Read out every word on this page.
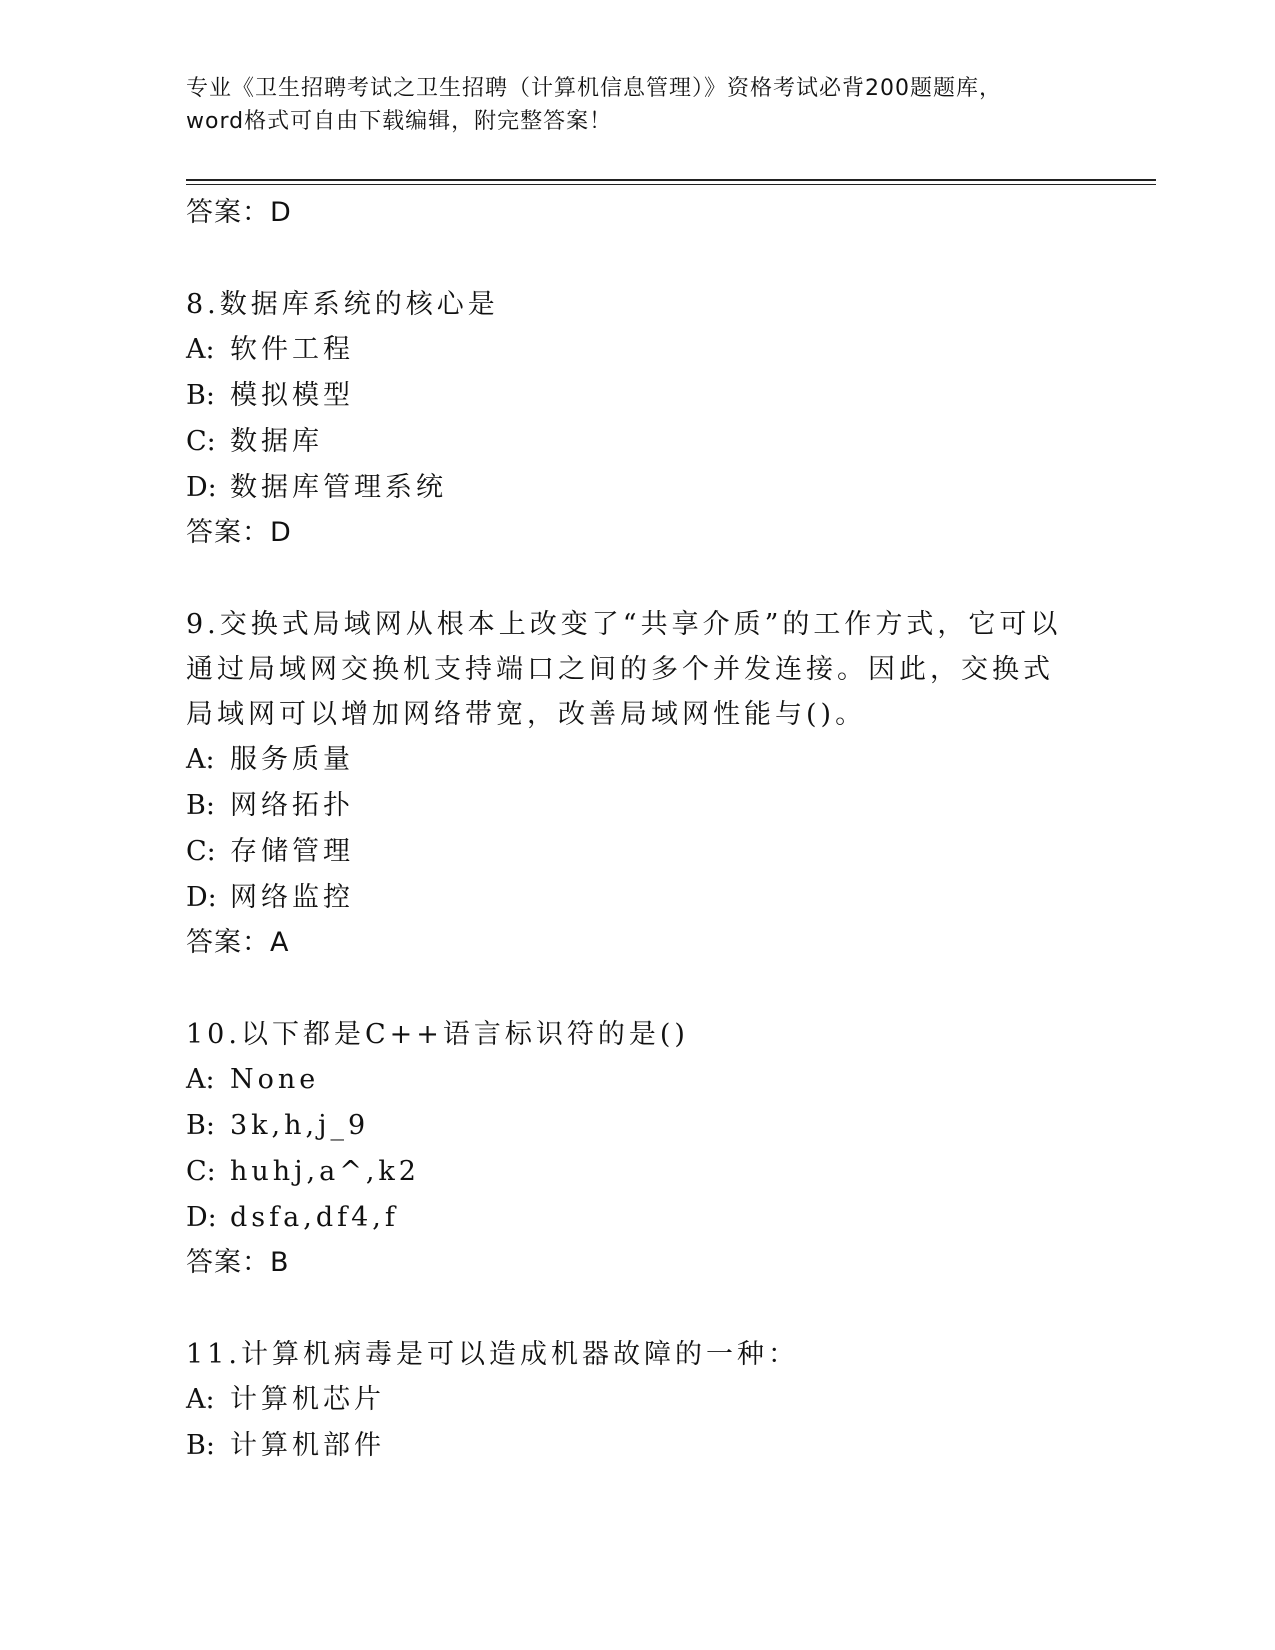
专业《卫生招聘考试之卫生招聘（计算机信息管理）》资格考试必背200题题库，
word格式可自由下载编辑，附完整答案！
答案：D
8.数据库系统的核心是
A: 软件工程
B: 模拟模型
C: 数据库
D: 数据库管理系统
答案：D
9.交换式局域网从根本上改变了“共享介质”的工作方式，它可以通过局域网交换机支持端口之间的多个并发连接。因此，交换式局域网可以增加网络带宽，改善局域网性能与()。
A: 服务质量
B: 网络拓扑
C: 存储管理
D: 网络监控
答案：A
10.以下都是C++语言标识符的是()
A: None
B: 3k,h,j_9
C: huhj,a^,k2
D: dsfa,df4,f
答案：B
11.计算机病毒是可以造成机器故障的一种：
A: 计算机芯片
B: 计算机部件
